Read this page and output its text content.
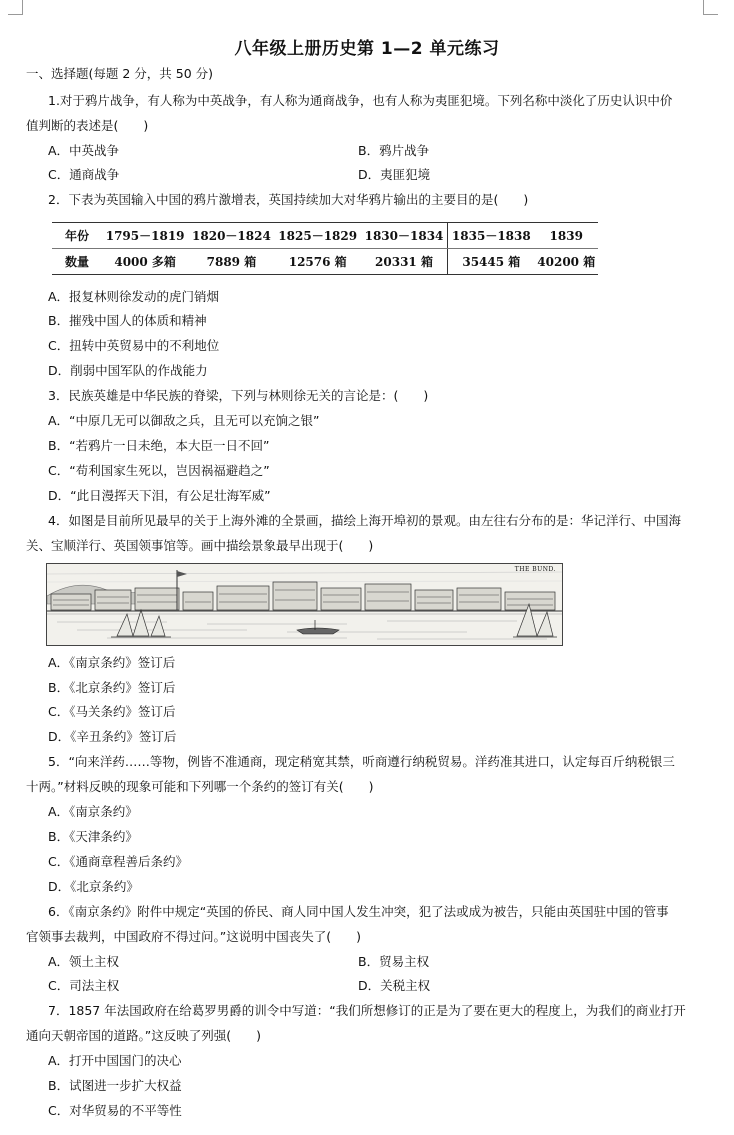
八年级上册历史第 1—2 单元练习
一、选择题(每题 2 分，共 50 分)
1.对于鸦片战争，有人称为中英战争，有人称为通商战争，也有人称为夷匪犯境。下列名称中淡化了历史认识中价
值判断的表述是(　　)
A．中英战争	B．鸦片战争
C．通商战争	D．夷匪犯境
2．下表为英国输入中国的鸦片激增表，英国持续加大对华鸦片输出的主要目的是(　　)
年份	1795－1819	1820－1824	1825－1829	1830－1834	1835－1838	1839
数量	4000 多箱	7889 箱	12576 箱	20331 箱	35445 箱	40200 箱
A．报复林则徐发动的虎门销烟
B．摧残中国人的体质和精神
C．扭转中英贸易中的不利地位
D．削弱中国军队的作战能力
3．民族英雄是中华民族的脊梁，下列与林则徐无关的言论是：(　　)
A．“中原几无可以御敌之兵，且无可以充饷之银”
B．“若鸦片一日未绝，本大臣一日不回”
C．“苟利国家生死以，岂因祸福避趋之”
D．“此日漫挥天下泪，有公足壮海军威”
4．如图是目前所见最早的关于上海外滩的全景画，描绘上海开埠初的景观。由左往右分布的是：华记洋行、中国海
关、宝顺洋行、英国领事馆等。画中描绘景象最早出现于(　　)
THE BUND.
A．《南京条约》签订后
B．《北京条约》签订后
C．《马关条约》签订后
D．《辛丑条约》签订后
5．“向来洋药……等物，例皆不准通商，现定稍宽其禁，听商遵行纳税贸易。洋药准其进口，认定每百斤纳税银三
十两。”材料反映的现象可能和下列哪一个条约的签订有关(　　)
A．《南京条约》
B．《天津条约》
C．《通商章程善后条约》
D．《北京条约》
6．《南京条约》附件中规定“英国的侨民、商人同中国人发生冲突，犯了法或成为被告，只能由英国驻中国的管事
官领事去裁判，中国政府不得过问。”这说明中国丧失了(　　)
A．领土主权	B．贸易主权
C．司法主权	D．关税主权
7．1857 年法国政府在给葛罗男爵的训令中写道：“我们所想修订的正是为了要在更大的程度上，为我们的商业打开
通向天朝帝国的道路。”这反映了列强(　　)
A．打开中国国门的决心
B．试图进一步扩大权益
C．对华贸易的不平等性
